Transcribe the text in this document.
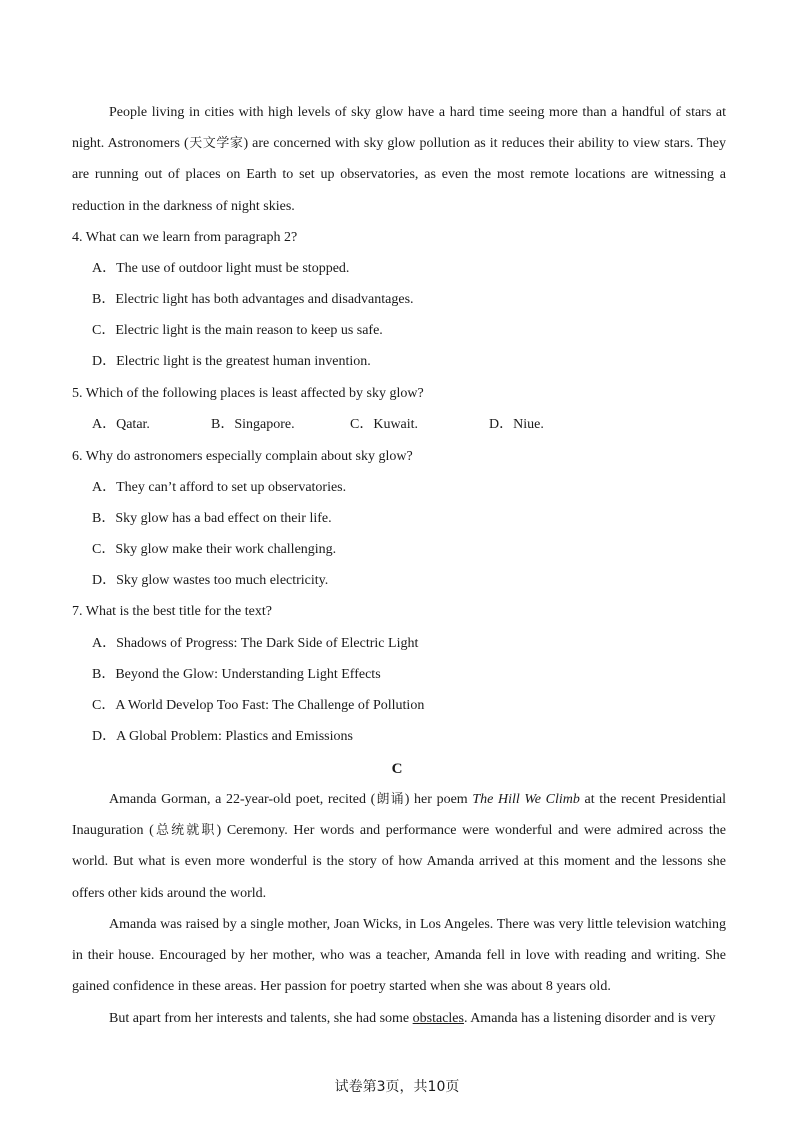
People living in cities with high levels of sky glow have a hard time seeing more than a handful of stars at night. Astronomers (天文学家) are concerned with sky glow pollution as it reduces their ability to view stars. They are running out of places on Earth to set up observatories, as even the most remote locations are witnessing a reduction in the darkness of night skies.

4. What can we learn from paragraph 2?

A．The use of outdoor light must be stopped.

B．Electric light has both advantages and disadvantages.

C．Electric light is the main reason to keep us safe.

D．Electric light is the greatest human invention.

5. Which of the following places is least affected by sky glow?

A．Qatar.	B．Singapore.	C．Kuwait.	D．Niue.

6. Why do astronomers especially complain about sky glow?

A．They can’t afford to set up observatories.

B．Sky glow has a bad effect on their life.

C．Sky glow make their work challenging.

D．Sky glow wastes too much electricity.

7. What is the best title for the text?

A．Shadows of Progress: The Dark Side of Electric Light

B．Beyond the Glow: Understanding Light Effects

C．A World Develop Too Fast: The Challenge of Pollution

D．A Global Problem: Plastics and Emissions

C

Amanda Gorman, a 22-year-old poet, recited (朗诵) her poem The Hill We Climb at the recent Presidential Inauguration (总统就职) Ceremony. Her words and performance were wonderful and were admired across the world. But what is even more wonderful is the story of how Amanda arrived at this moment and the lessons she offers other kids around the world.

Amanda was raised by a single mother, Joan Wicks, in Los Angeles. There was very little television watching in their house. Encouraged by her mother, who was a teacher, Amanda fell in love with reading and writing. She gained confidence in these areas. Her passion for poetry started when she was about 8 years old.

But apart from her interests and talents, she had some obstacles. Amanda has a listening disorder and is very

试卷第3页，共10页
